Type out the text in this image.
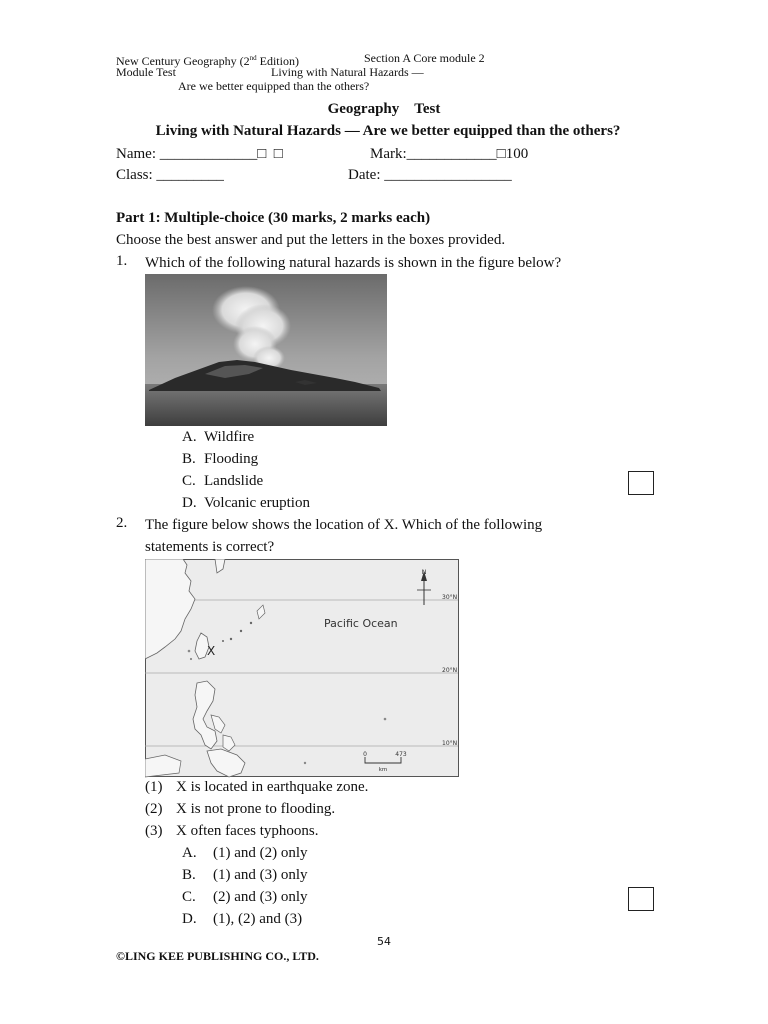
New Century Geography (2nd Edition)	Section A Core module 2
Module Test	Living with Natural Hazards —
Are we better equipped than the others?
Geography    Test
Living with Natural Hazards — Are we better equipped than the others?
Name: _____________□  □	Mark:____________□100
Class: _________	Date: _________________
Part 1: Multiple-choice (30 marks, 2 marks each)
Choose the best answer and put the letters in the boxes provided.
1. Which of the following natural hazards is shown in the figure below?
A. Wildfire
B. Flooding
C. Landslide
D. Volcanic eruption
2. The figure below shows the location of X. Which of the following
statements is correct?
N
30°N
20°N
10°N
Pacific Ocean
X
0	473
km
(1) X is located in earthquake zone.
(2) X is not prone to flooding.
(3) X often faces typhoons.
A. (1) and (2) only
B. (1) and (3) only
C. (2) and (3) only
D. (1), (2) and (3)
54
©LING KEE PUBLISHING CO., LTD.
